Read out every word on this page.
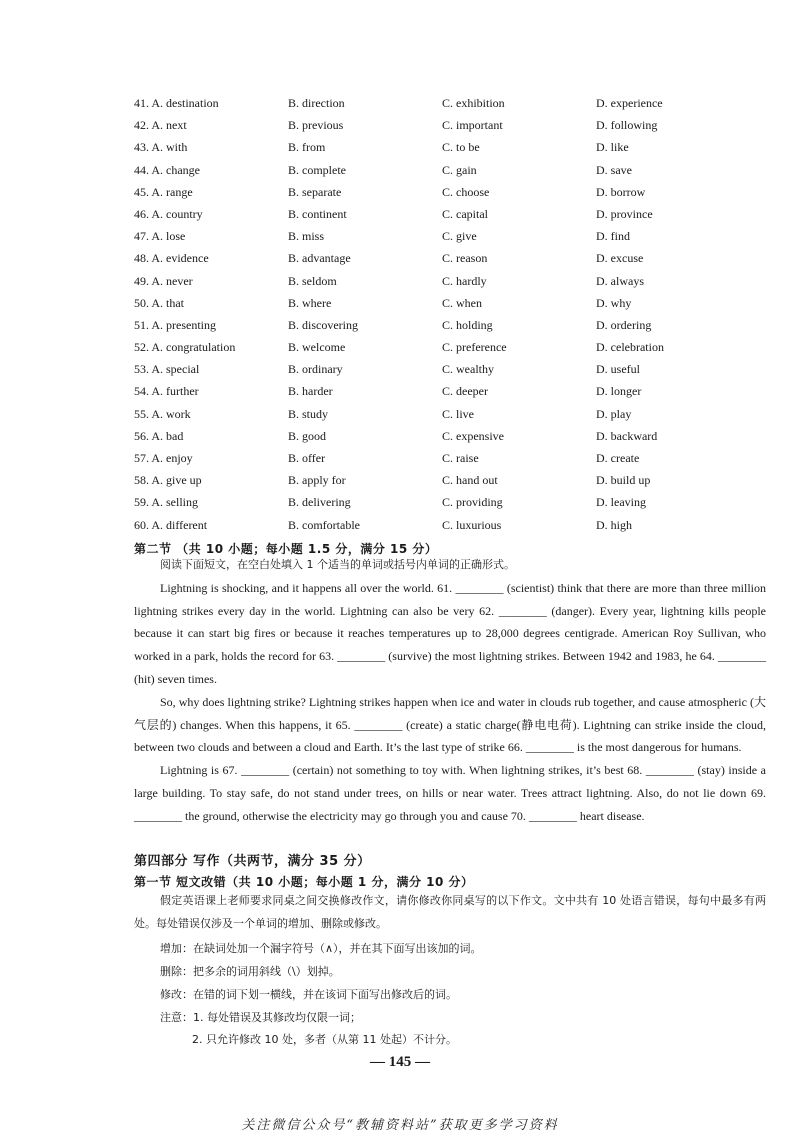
41. A. destination	B. direction	C. exhibition	D. experience
42. A. next	B. previous	C. important	D. following
43. A. with	B. from	C. to be	D. like
44. A. change	B. complete	C. gain	D. save
45. A. range	B. separate	C. choose	D. borrow
46. A. country	B. continent	C. capital	D. province
47. A. lose	B. miss	C. give	D. find
48. A. evidence	B. advantage	C. reason	D. excuse
49. A. never	B. seldom	C. hardly	D. always
50. A. that	B. where	C. when	D. why
51. A. presenting	B. discovering	C. holding	D. ordering
52. A. congratulation	B. welcome	C. preference	D. celebration
53. A. special	B. ordinary	C. wealthy	D. useful
54. A. further	B. harder	C. deeper	D. longer
55. A. work	B. study	C. live	D. play
56. A. bad	B. good	C. expensive	D. backward
57. A. enjoy	B. offer	C. raise	D. create
58. A. give up	B. apply for	C. hand out	D. build up
59. A. selling	B. delivering	C. providing	D. leaving
60. A. different	B. comfortable	C. luxurious	D. high
第二节 （共 10 小题；每小题 1.5 分，满分 15 分）

阅读下面短文，在空白处填入 1 个适当的单词或括号内单词的正确形式。

Lightning is shocking, and it happens all over the world. 61. ________ (scientist) think that there are more than three million lightning strikes every day in the world. Lightning can also be very 62. ________ (danger). Every year, lightning kills people because it can start big fires or because it reaches temperatures up to 28,000 degrees centigrade. American Roy Sullivan, who worked in a park, holds the record for 63. ________ (survive) the most lightning strikes. Between 1942 and 1983, he 64. ________ (hit) seven times.

So, why does lightning strike? Lightning strikes happen when ice and water in clouds rub together, and cause atmospheric (大气层的) changes. When this happens, it 65. ________ (create) a static charge(静电电荷). Lightning can strike inside the cloud, between two clouds and between a cloud and Earth. It’s the last type of strike 66. ________ is the most dangerous for humans.

Lightning is 67. ________ (certain) not something to toy with. When lightning strikes, it’s best 68. ________ (stay) inside a large building. To stay safe, do not stand under trees, on hills or near water. Trees attract lightning. Also, do not lie down 69. ________ the ground, otherwise the electricity may go through you and cause 70. ________ heart disease.

第四部分 写作（共两节，满分 35 分）
第一节 短文改错（共 10 小题；每小题 1 分，满分 10 分）

假定英语课上老师要求同桌之间交换修改作文，请你修改你同桌写的以下作文。文中共有 10 处语言错误，每句中最多有两处。每处错误仅涉及一个单词的增加、删除或修改。

增加：在缺词处加一个漏字符号（∧），并在其下面写出该加的词。
删除：把多余的词用斜线（\）划掉。
修改：在错的词下划一横线，并在该词下面写出修改后的词。
注意：1. 每处错误及其修改均仅限一词；
2. 只允许修改 10 处，多者（从第 11 处起）不计分。
— 145 —
关注微信公众号“教辅资料站”获取更多学习资料
